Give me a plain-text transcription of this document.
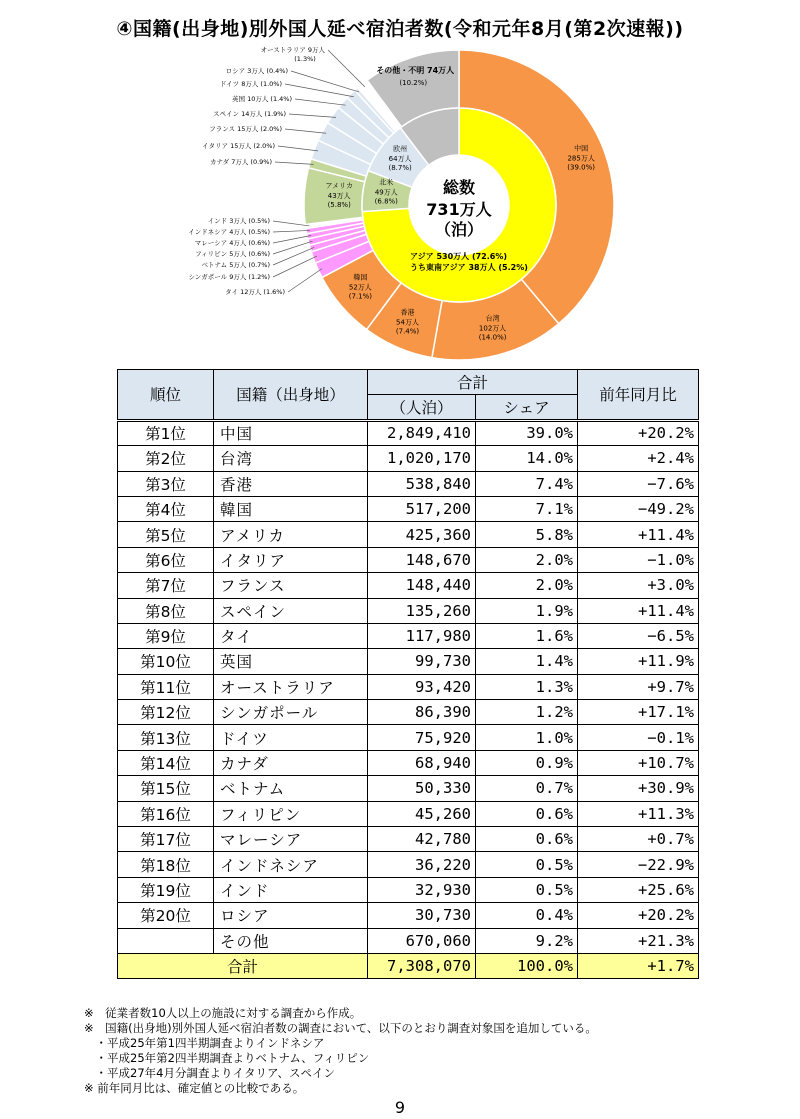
④国籍(出身地)別外国人延べ宿泊者数(令和元年8月(第2次速報))
総数
731万人
（泊）
中国
285万人
(39.0%)
台湾
102万人
(14.0%)
香港
54万人
(7.4%)
韓国
52万人
(7.1%)
アメリカ
43万人
(5.8%)
その他・不明 74万人
(10.2%)
アジア 530万人 (72.6%)
うち東南アジア 38万人 (5.2%)
北米
49万人
(6.8%)
欧州
64万人
(8.7%)
オーストラリア 9万人
(1.3%)
ロシア 3万人 (0.4%)
ドイツ 8万人 (1.0%)
英国 10万人 (1.4%)
スペイン 14万人 (1.9%)
フランス 15万人 (2.0%)
イタリア 15万人 (2.0%)
カナダ 7万人 (0.9%)
インド 3万人 (0.5%)
インドネシア 4万人 (0.5%)
マレーシア 4万人 (0.6%)
フィリピン 5万人 (0.6%)
ベトナム 5万人 (0.7%)
シンガポール 9万人 (1.2%)
タイ 12万人 (1.6%)
順位	国籍（出身地）	合計		前年同月比
		（人泊）	シェア	
第1位	中国	2,849,410	39.0%	+20.2%
第2位	台湾	1,020,170	14.0%	+2.4%
第3位	香港	538,840	7.4%	−7.6%
第4位	韓国	517,200	7.1%	−49.2%
第5位	アメリカ	425,360	5.8%	+11.4%
第6位	イタリア	148,670	2.0%	−1.0%
第7位	フランス	148,440	2.0%	+3.0%
第8位	スペイン	135,260	1.9%	+11.4%
第9位	タイ	117,980	1.6%	−6.5%
第10位	英国	99,730	1.4%	+11.9%
第11位	オーストラリア	93,420	1.3%	+9.7%
第12位	シンガポール	86,390	1.2%	+17.1%
第13位	ドイツ	75,920	1.0%	−0.1%
第14位	カナダ	68,940	0.9%	+10.7%
第15位	ベトナム	50,330	0.7%	+30.9%
第16位	フィリピン	45,260	0.6%	+11.3%
第17位	マレーシア	42,780	0.6%	+0.7%
第18位	インドネシア	36,220	0.5%	−22.9%
第19位	インド	32,930	0.5%	+25.6%
第20位	ロシア	30,730	0.4%	+20.2%
	その他	670,060	9.2%	+21.3%
合計		7,308,070	100.0%	+1.7%
※　従業者数10人以上の施設に対する調査から作成。
※　国籍(出身地)別外国人延べ宿泊者数の調査において、以下のとおり調査対象国を追加している。
　・平成25年第1四半期調査よりインドネシア
　・平成25年第2四半期調査よりベトナム、フィリピン
　・平成27年4月分調査よりイタリア、スペイン
※ 前年同月比は、確定値との比較である。
9
